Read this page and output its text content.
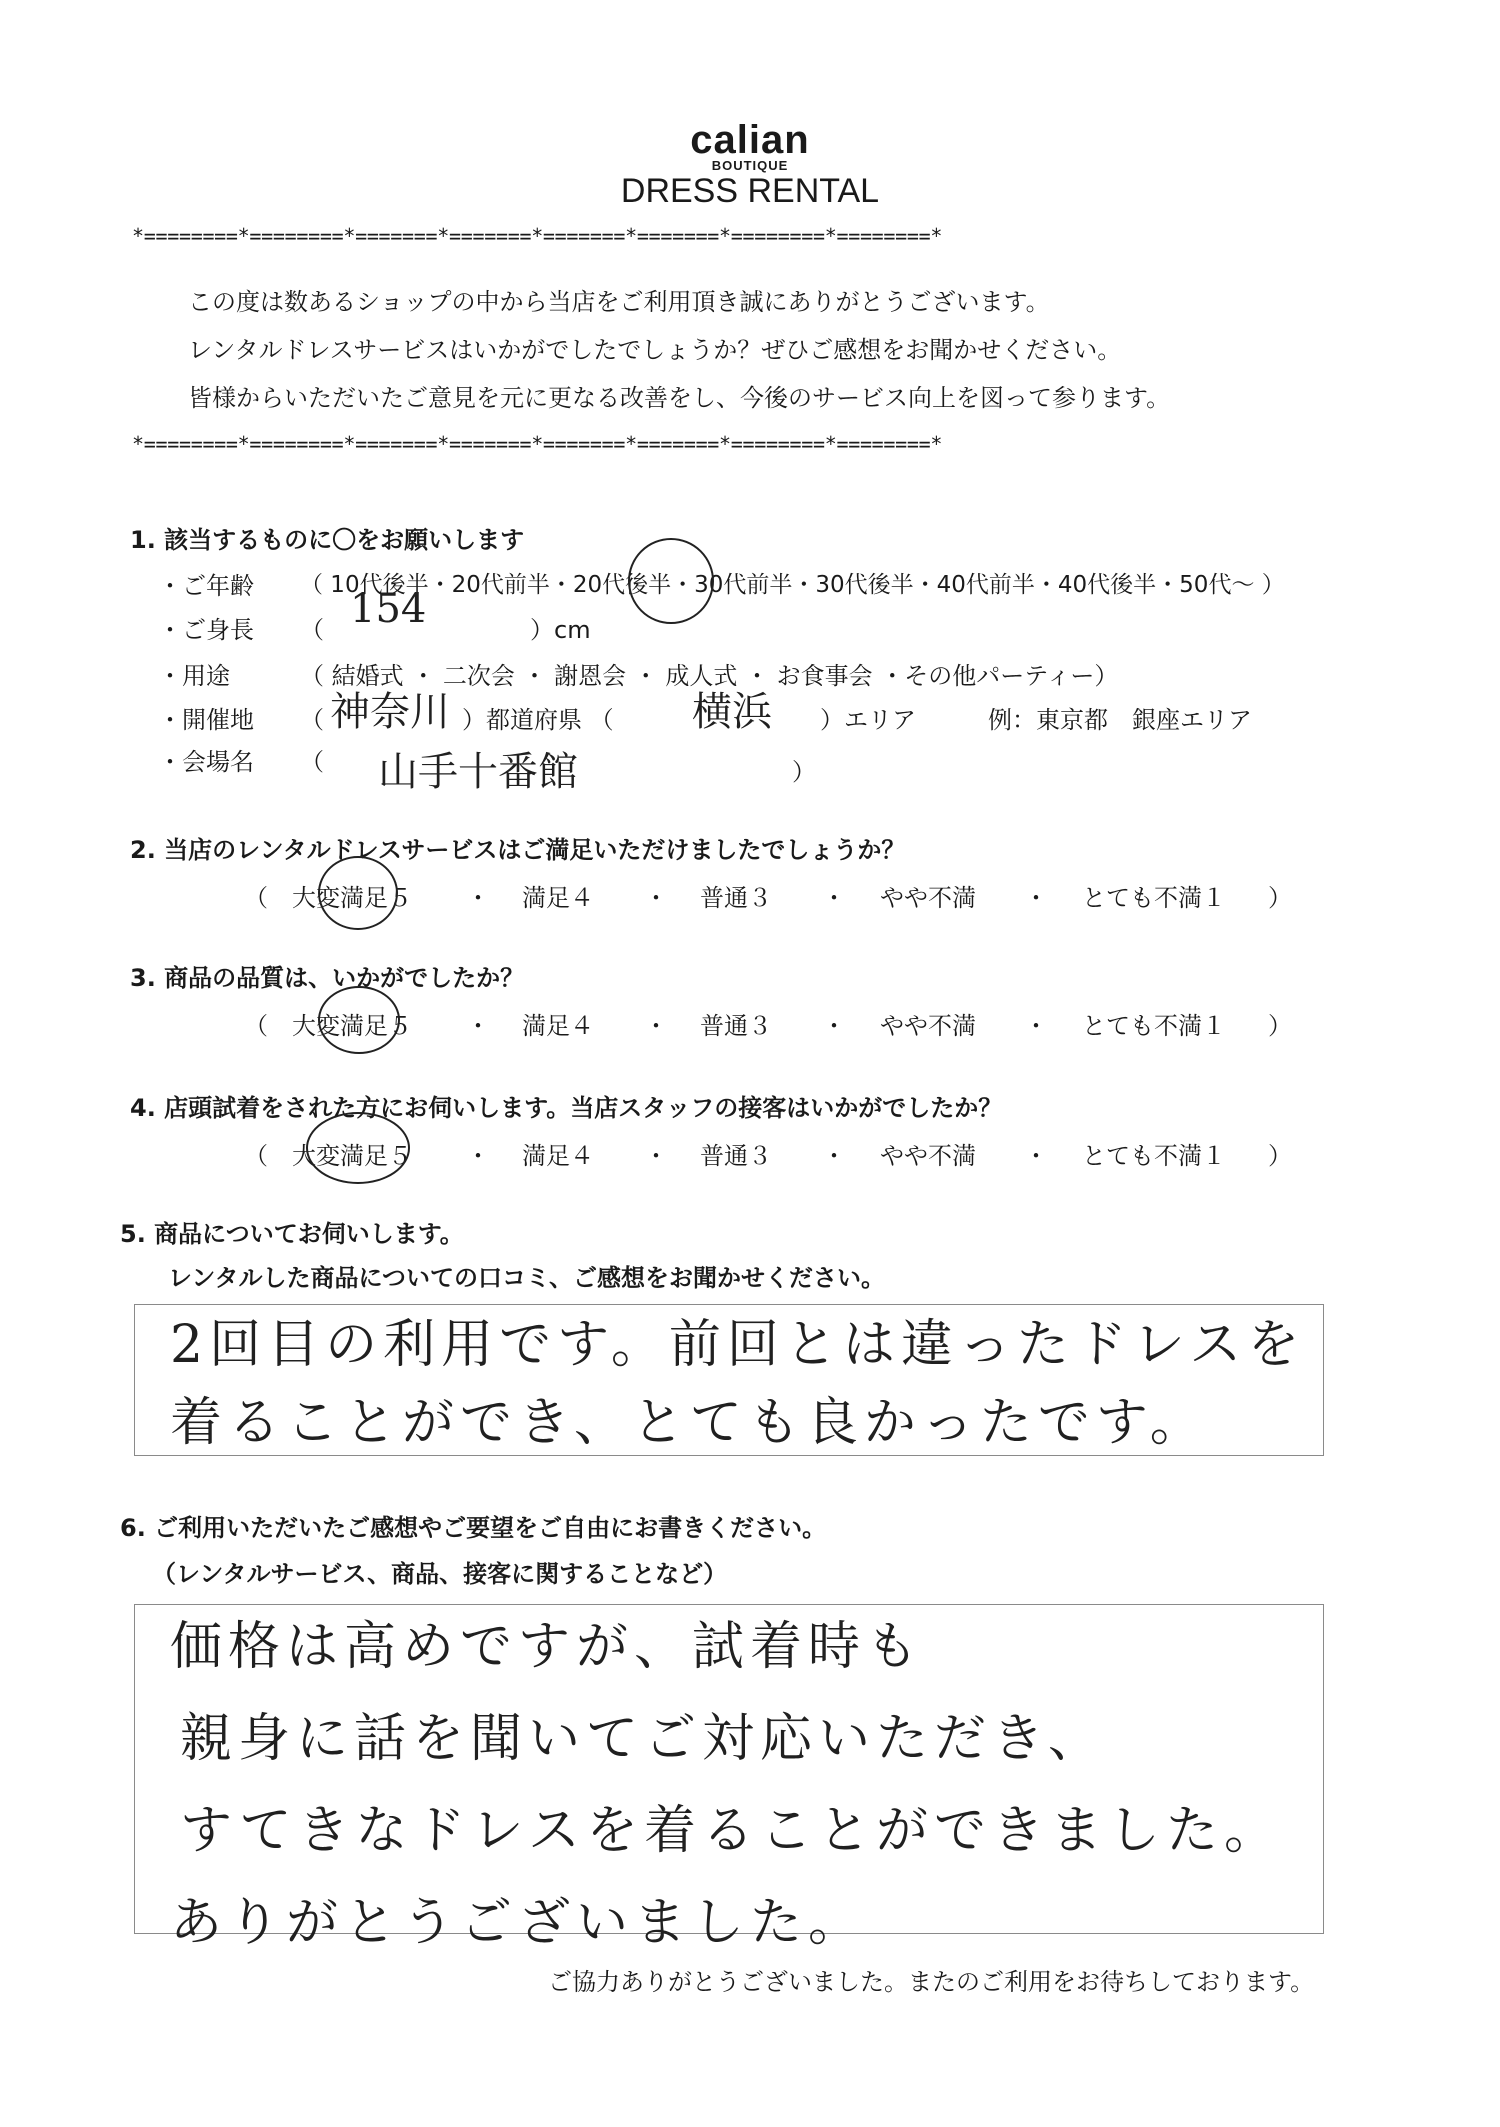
calian
BOUTIQUE
DRESS RENTAL
*========*========*=======*=======*=======*=======*========*========*
この度は数あるショップの中から当店をご利用頂き誠にありがとうございます。
レンタルドレスサービスはいかがでしたでしょうか？ぜひご感想をお聞かせください。
皆様からいただいたご意見を元に更なる改善をし、今後のサービス向上を図って参ります。
*========*========*=======*=======*=======*=======*========*========*
1. 該当するものに〇をお願いします
・ご年齢 （ 10代後半・20代前半・20代後半・30代前半・30代後半・40代前半・40代後半・50代～ ）
・ご身長 （ 154	）cm
・用途	（ 結婚式 ・ 二次会 ・ 謝恩会 ・ 成人式 ・ お食事会 ・その他パーティー）
・開催地 （ 神奈川 ）都道府県 （ 横浜 ）エリア	例：東京都　銀座エリア
・会場名 （ 山手十番館	）
2. 当店のレンタルドレスサービスはご満足いただけましたでしょうか？
（ 大変満足５ ・ 満足４ ・ 普通３ ・ やや不満 ・ とても不満１ ）
3. 商品の品質は、いかがでしたか？
（ 大変満足５ ・ 満足４ ・ 普通３ ・ やや不満 ・ とても不満１ ）
4. 店頭試着をされた方にお伺いします。当店スタッフの接客はいかがでしたか？
（ 大変満足５ ・ 満足４ ・ 普通３ ・ やや不満 ・ とても不満１ ）
5. 商品についてお伺いします。
レンタルした商品についての口コミ、ご感想をお聞かせください。
2回目の利用です。前回とは違ったドレスを
着ることができ、とても良かったです。
6. ご利用いただいたご感想やご要望をご自由にお書きください。
（レンタルサービス、商品、接客に関することなど）
価格は高めですが、試着時も
親身に話を聞いてご対応いただき、
すてきなドレスを着ることができました。
ありがとうございました。
ご協力ありがとうございました。またのご利用をお待ちしております。
